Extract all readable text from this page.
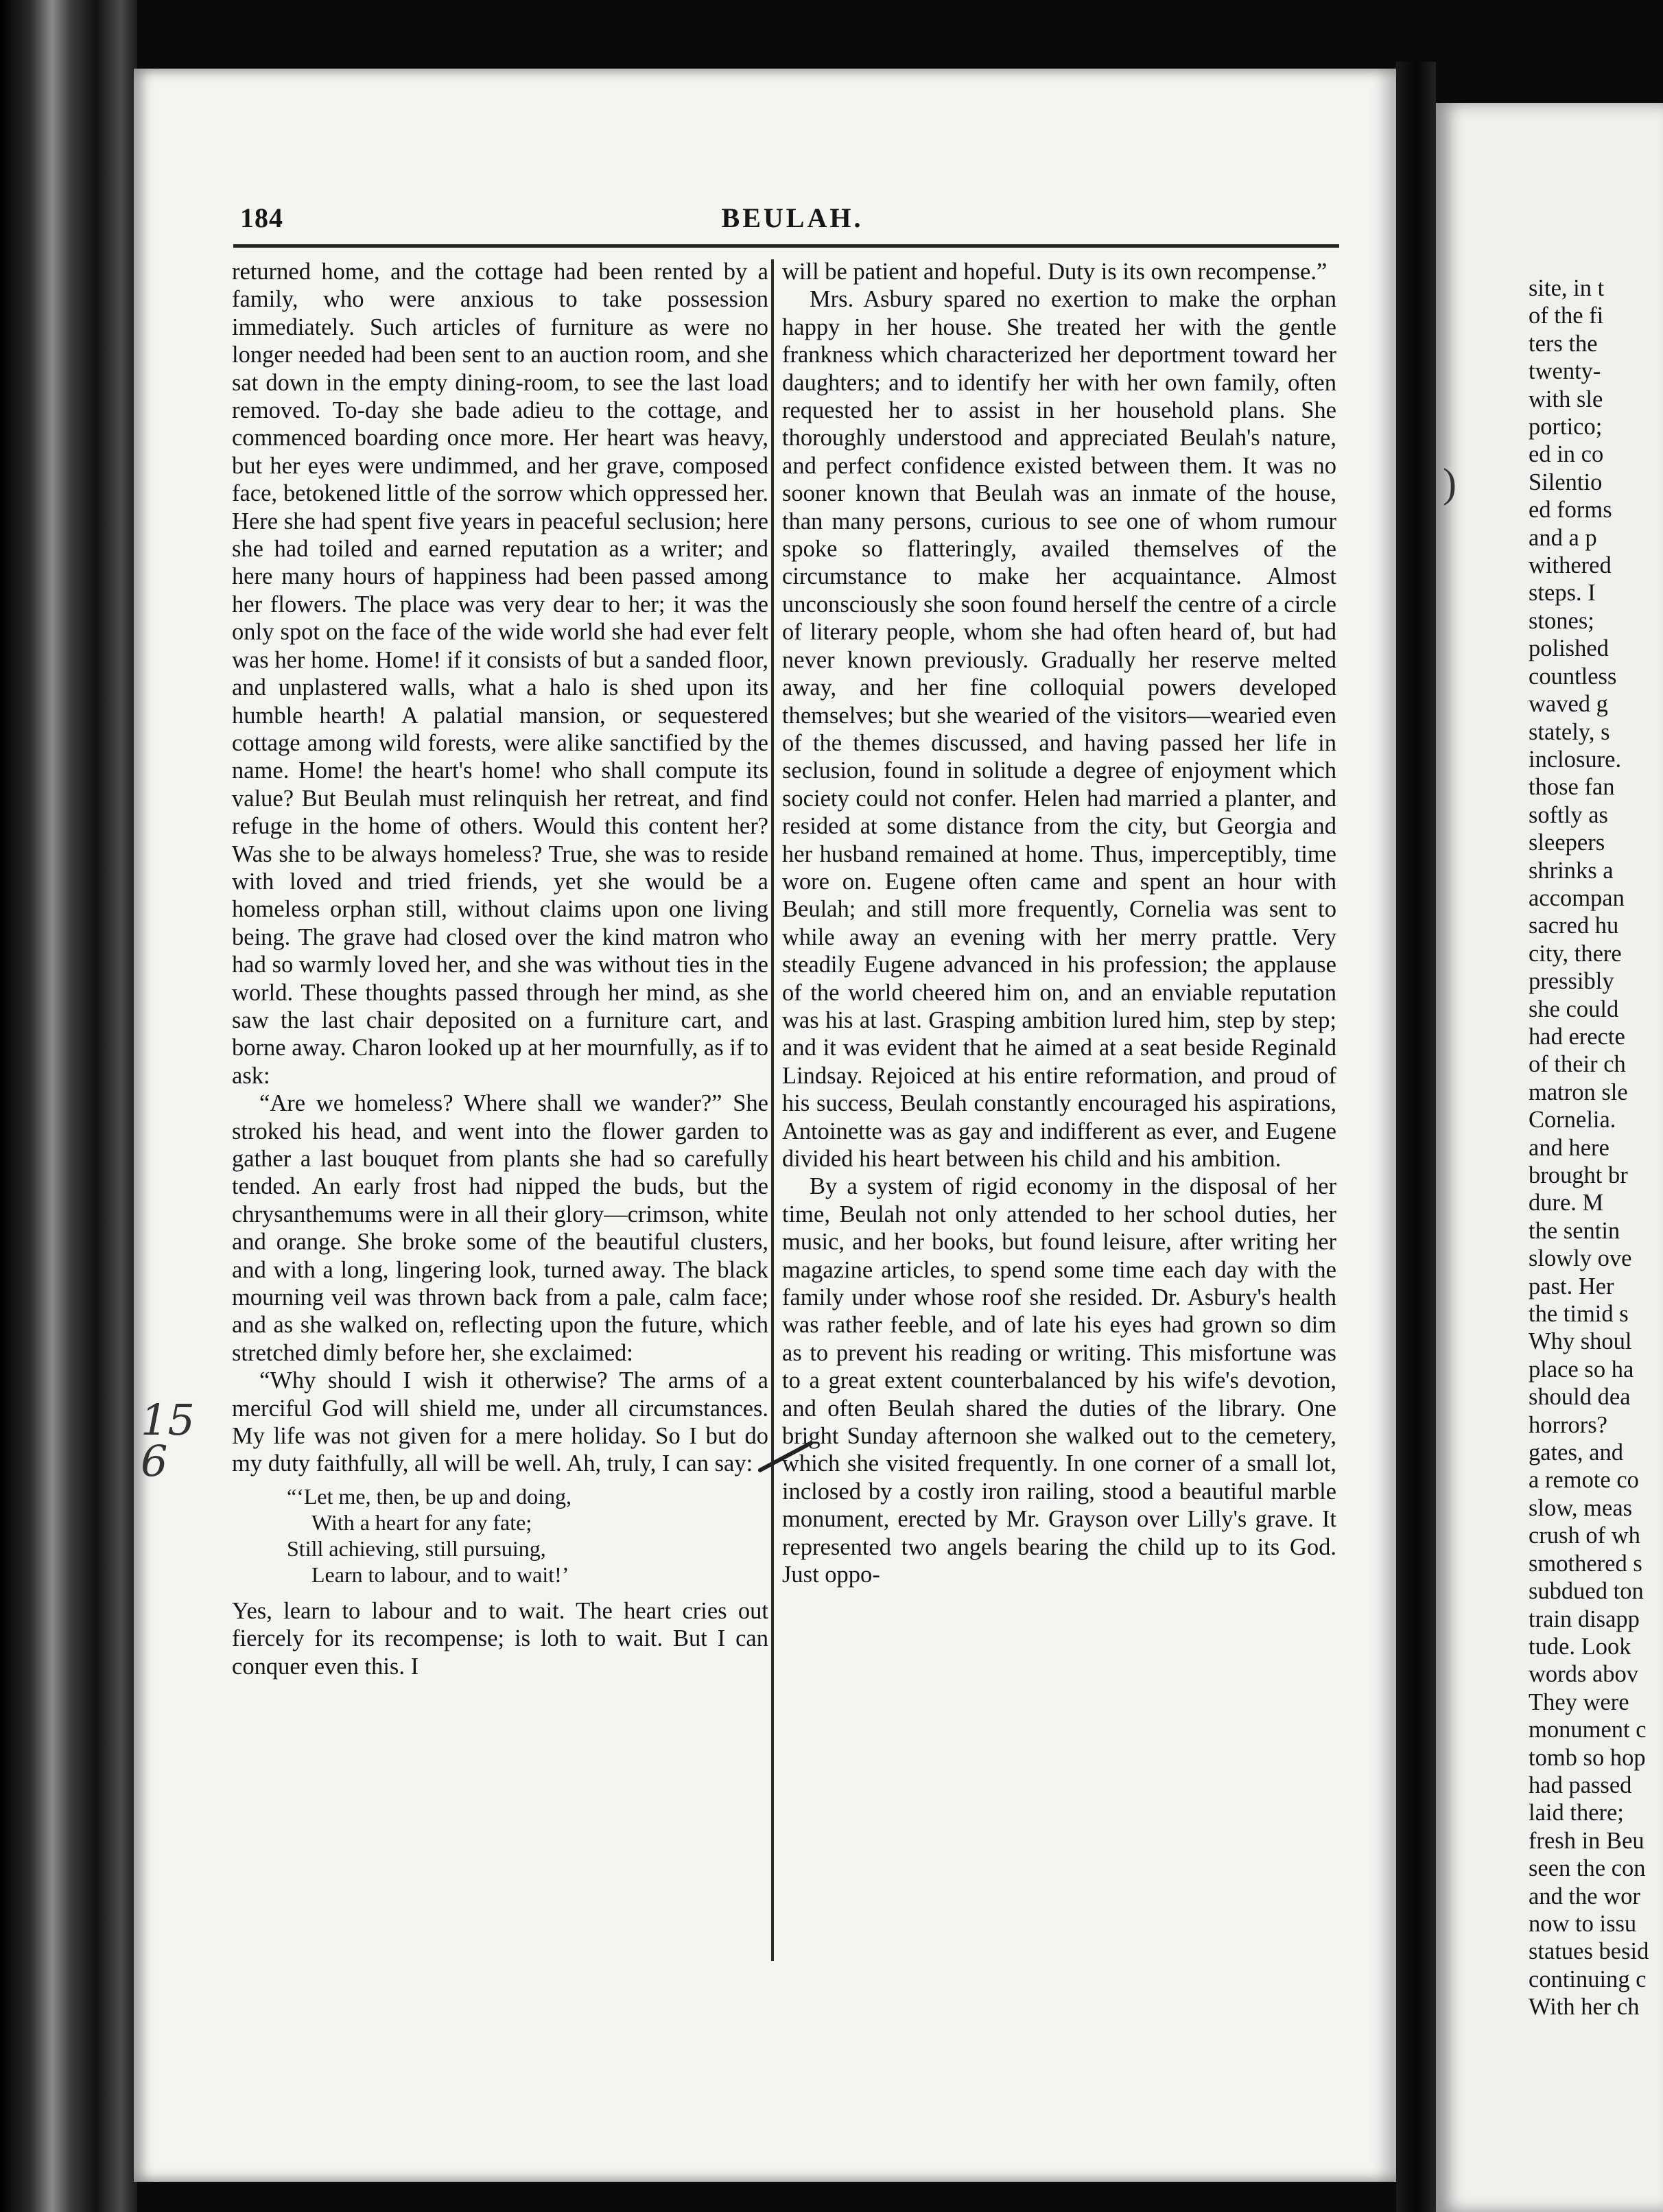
site, in t
of the fi
ters the
twenty-
with sle
portico;
ed in co
Silentio
ed forms
and a p
withered
steps. I
stones;
polished
countless
waved g
stately, s
inclosure.
those fan
softly as
sleepers
shrinks a
accompan
sacred hu
city, there
pressibly
she could
had erecte
of their ch
matron sle
Cornelia.
and here
brought br
dure. M
the sentin
slowly ove
past. Her
the timid s
Why shoul
place so ha
should dea
horrors?
gates, and
a remote co
slow, meas
crush of wh
smothered s
subdued ton
train disapp
tude. Look
words abov
They were
monument c
tomb so hop
had passed
laid there;
fresh in Beu
seen the con
and the wor
now to issu
statues besid
continuing c
With her ch
)
184	BEULAH.

returned home, and the cottage had been rented by a family, who were anxious to take possession immediately. Such articles of furniture as were no longer needed had been sent to an auction room, and she sat down in the empty dining-room, to see the last load removed. To-day she bade adieu to the cottage, and commenced boarding once more. Her heart was heavy, but her eyes were undimmed, and her grave, composed face, betokened little of the sorrow which oppressed her. Here she had spent five years in peaceful seclusion; here she had toiled and earned reputation as a writer; and here many hours of happiness had been passed among her flowers. The place was very dear to her; it was the only spot on the face of the wide world she had ever felt was her home. Home! if it consists of but a sanded floor, and unplastered walls, what a halo is shed upon its humble hearth! A palatial mansion, or sequestered cottage among wild forests, were alike sanctified by the name. Home! the heart's home! who shall compute its value? But Beulah must relinquish her retreat, and find refuge in the home of others. Would this content her? Was she to be always homeless? True, she was to reside with loved and tried friends, yet she would be a homeless orphan still, without claims upon one living being. The grave had closed over the kind matron who had so warmly loved her, and she was without ties in the world. These thoughts passed through her mind, as she saw the last chair deposited on a furniture cart, and borne away. Charon looked up at her mournfully, as if to ask:

“Are we homeless? Where shall we wander?” She stroked his head, and went into the flower garden to gather a last bouquet from plants she had so carefully tended. An early frost had nipped the buds, but the chrysanthemums were in all their glory—crimson, white and orange. She broke some of the beautiful clusters, and with a long, lingering look, turned away. The black mourning veil was thrown back from a pale, calm face; and as she walked on, reflecting upon the future, which stretched dimly before her, she exclaimed:

“Why should I wish it otherwise? The arms of a merciful God will shield me, under all circumstances. My life was not given for a mere holiday. So I but do my duty faithfully, all will be well. Ah, truly, I can say:

“‘Let me, then, be up and doing,
With a heart for any fate;
Still achieving, still pursuing,
Learn to labour, and to wait!’

Yes, learn to labour and to wait. The heart cries out fiercely for its recompense; is loth to wait. But I can conquer even this. I

will be patient and hopeful. Duty is its own recompense.”

Mrs. Asbury spared no exertion to make the orphan happy in her house. She treated her with the gentle frankness which characterized her deportment toward her daughters; and to identify her with her own family, often requested her to assist in her household plans. She thoroughly understood and appreciated Beulah's nature, and perfect confidence existed between them. It was no sooner known that Beulah was an inmate of the house, than many persons, curious to see one of whom rumour spoke so flatteringly, availed themselves of the circumstance to make her acquaintance. Almost unconsciously she soon found herself the centre of a circle of literary people, whom she had often heard of, but had never known previously. Gradually her reserve melted away, and her fine colloquial powers developed themselves; but she wearied of the visitors—wearied even of the themes discussed, and having passed her life in seclusion, found in solitude a degree of enjoyment which society could not confer. Helen had married a planter, and resided at some distance from the city, but Georgia and her husband remained at home. Thus, imperceptibly, time wore on. Eugene often came and spent an hour with Beulah; and still more frequently, Cornelia was sent to while away an evening with her merry prattle. Very steadily Eugene advanced in his profession; the applause of the world cheered him on, and an enviable reputation was his at last. Grasping ambition lured him, step by step; and it was evident that he aimed at a seat beside Reginald Lindsay. Rejoiced at his entire reformation, and proud of his success, Beulah constantly encouraged his aspirations, Antoinette was as gay and indifferent as ever, and Eugene divided his heart between his child and his ambition.

By a system of rigid economy in the disposal of her time, Beulah not only attended to her school duties, her music, and her books, but found leisure, after writing her magazine articles, to spend some time each day with the family under whose roof she resided. Dr. Asbury's health was rather feeble, and of late his eyes had grown so dim as to prevent his reading or writing. This misfortune was to a great extent counterbalanced by his wife's devotion, and often Beulah shared the duties of the library. One bright Sunday afternoon she walked out to the cemetery, which she visited frequently. In one corner of a small lot, inclosed by a costly iron railing, stood a beautiful marble monument, erected by Mr. Grayson over Lilly's grave. It represented two angels bearing the child up to its God. Just oppo-

15 6
